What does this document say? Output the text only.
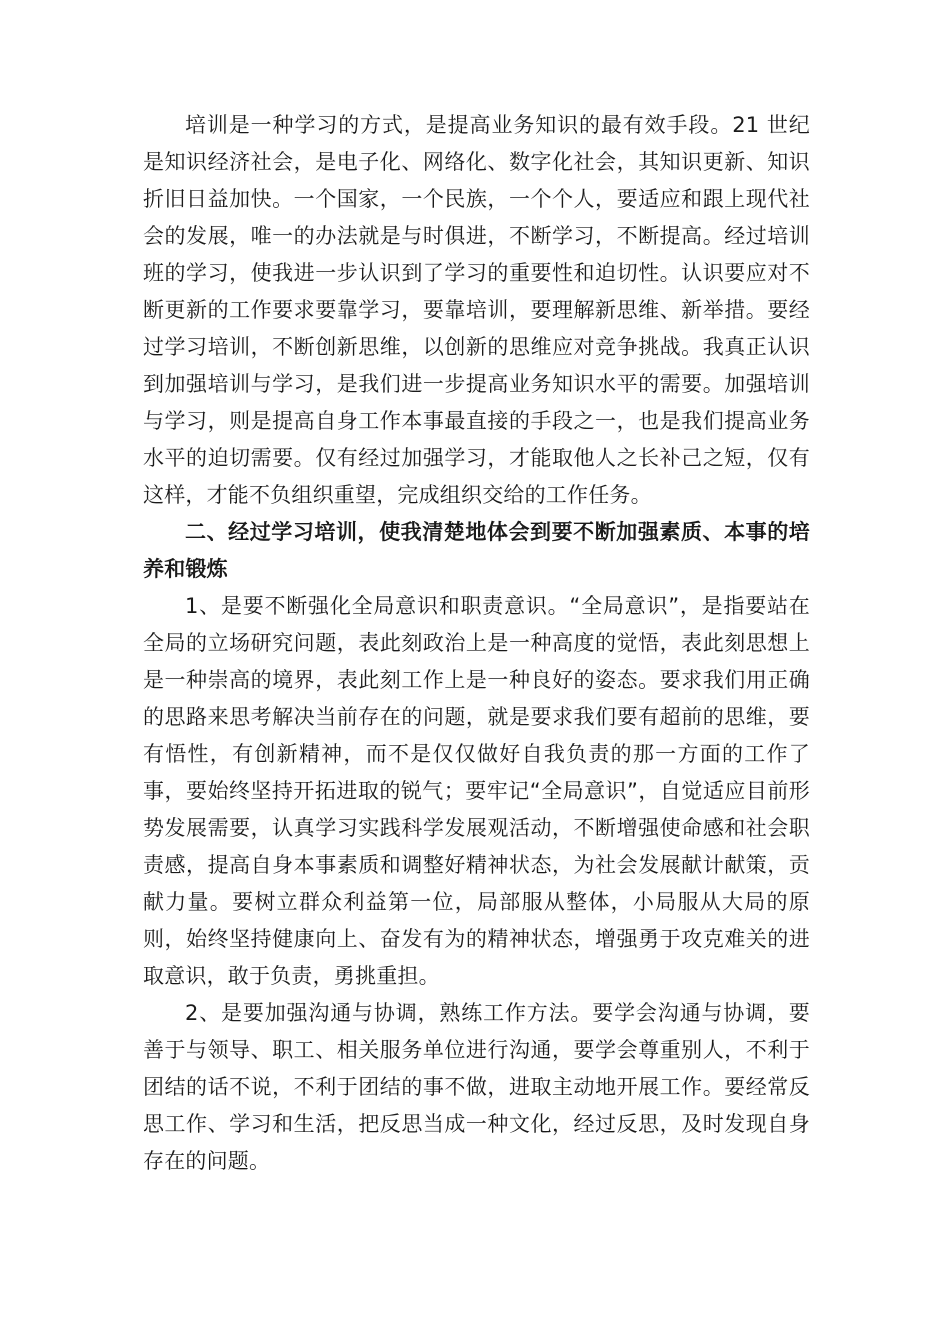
培训是一种学习的方式，是提高业务知识的最有效手段。21 世纪是知识经济社会，是电子化、网络化、数字化社会，其知识更新、知识折旧日益加快。一个国家，一个民族，一个个人，要适应和跟上现代社会的发展，唯一的办法就是与时俱进，不断学习，不断提高。经过培训班的学习，使我进一步认识到了学习的重要性和迫切性。认识要应对不断更新的工作要求要靠学习，要靠培训，要理解新思维、新举措。要经过学习培训，不断创新思维，以创新的思维应对竞争挑战。我真正认识到加强培训与学习，是我们进一步提高业务知识水平的需要。加强培训与学习，则是提高自身工作本事最直接的手段之一，也是我们提高业务水平的迫切需要。仅有经过加强学习，才能取他人之长补己之短，仅有这样，才能不负组织重望，完成组织交给的工作任务。

二、经过学习培训，使我清楚地体会到要不断加强素质、本事的培养和锻炼

1、是要不断强化全局意识和职责意识。“全局意识”，是指要站在全局的立场研究问题，表此刻政治上是一种高度的觉悟，表此刻思想上是一种崇高的境界，表此刻工作上是一种良好的姿态。要求我们用正确的思路来思考解决当前存在的问题，就是要求我们要有超前的思维，要有悟性，有创新精神，而不是仅仅做好自我负责的那一方面的工作了事，要始终坚持开拓进取的锐气；要牢记“全局意识”，自觉适应目前形势发展需要，认真学习实践科学发展观活动，不断增强使命感和社会职责感，提高自身本事素质和调整好精神状态，为社会发展献计献策，贡献力量。要树立群众利益第一位，局部服从整体，小局服从大局的原则，始终坚持健康向上、奋发有为的精神状态，增强勇于攻克难关的进取意识，敢于负责，勇挑重担。

2、是要加强沟通与协调，熟练工作方法。要学会沟通与协调，要善于与领导、职工、相关服务单位进行沟通，要学会尊重别人，不利于团结的话不说，不利于团结的事不做，进取主动地开展工作。要经常反思工作、学习和生活，把反思当成一种文化，经过反思，及时发现自身存在的问题。
